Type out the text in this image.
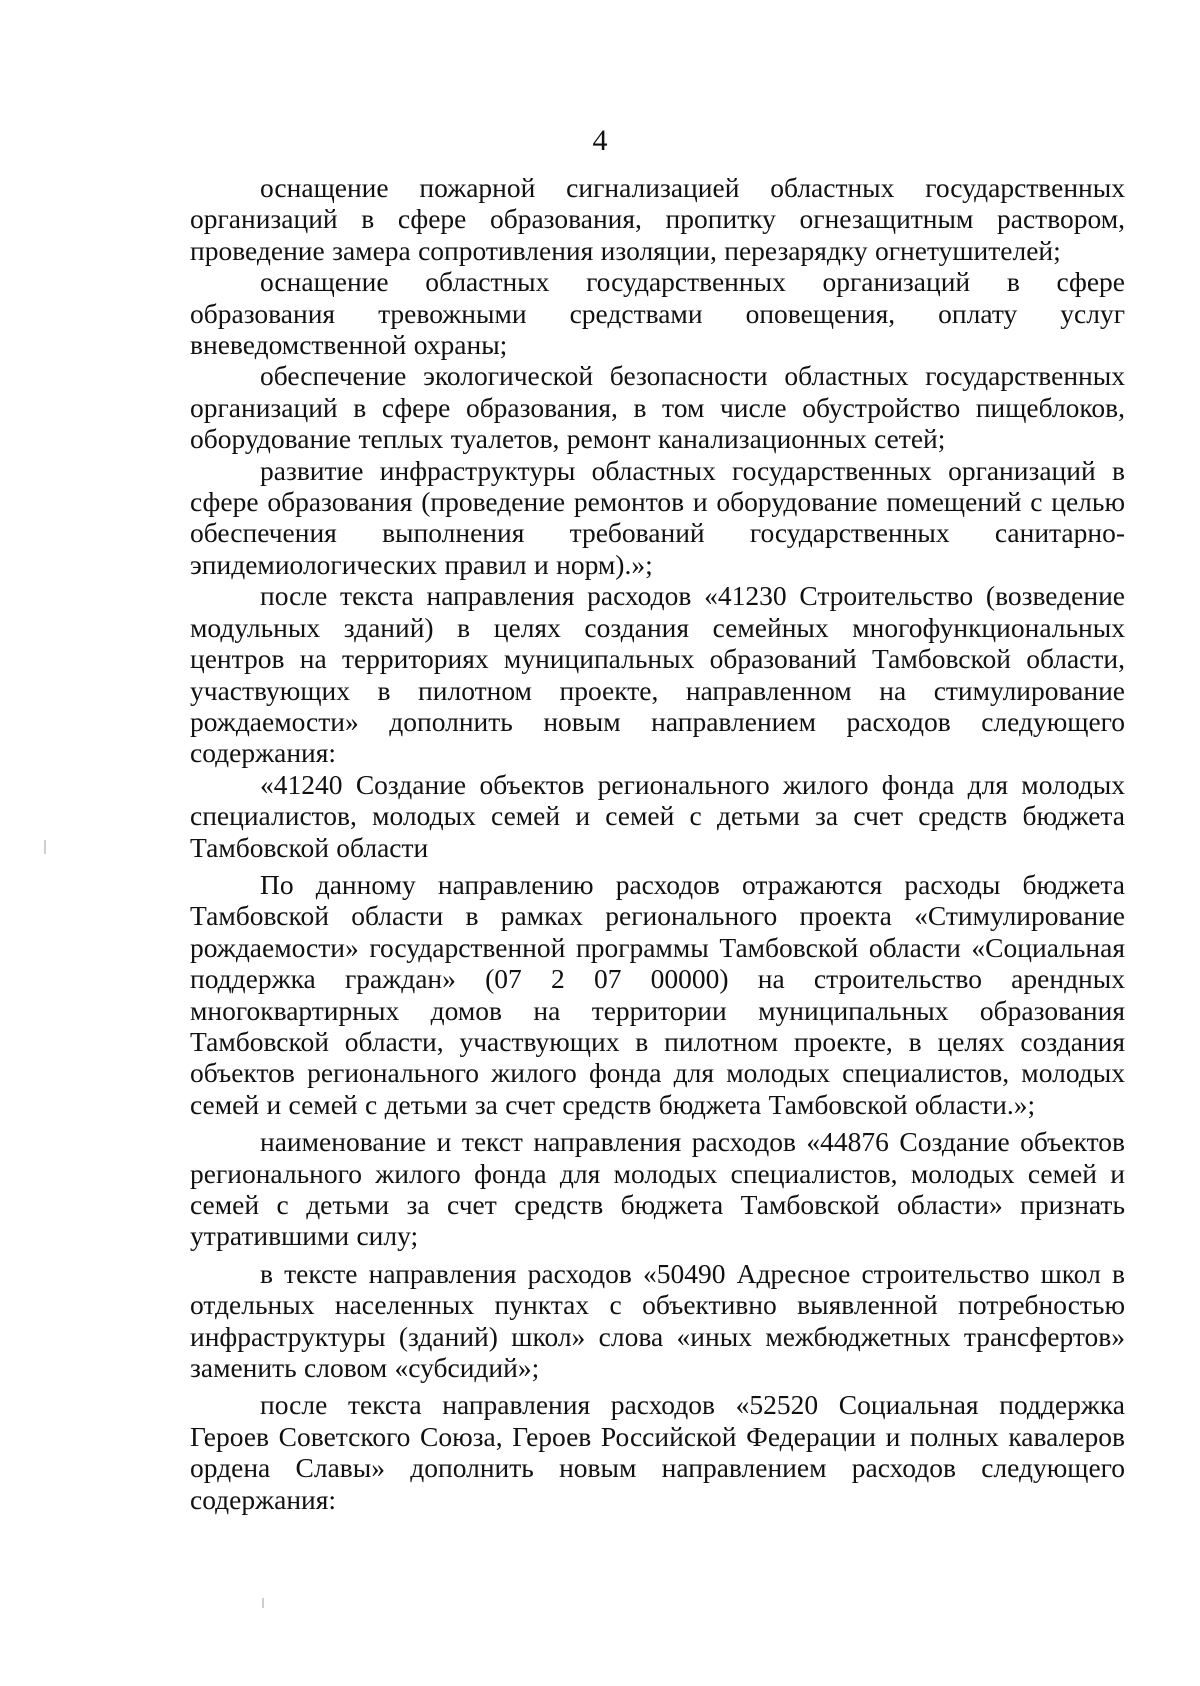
4

оснащение пожарной сигнализацией областных государственных организаций в сфере образования, пропитку огнезащитным раствором, проведение замера сопротивления изоляции, перезарядку огнетушителей;

оснащение областных государственных организаций в сфере образования тревожными средствами оповещения, оплату услуг вневедомственной охраны;

обеспечение экологической безопасности областных государственных организаций в сфере образования, в том числе обустройство пищеблоков, оборудование теплых туалетов, ремонт канализационных сетей;

развитие инфраструктуры областных государственных организаций в сфере образования (проведение ремонтов и оборудование помещений с целью обеспечения выполнения требований государственных санитарно-эпидемиологических правил и норм).»;

после текста направления расходов «41230 Строительство (возведение модульных зданий) в целях создания семейных многофункциональных центров на территориях муниципальных образований Тамбовской области, участвующих в пилотном проекте, направленном на стимулирование рождаемости» дополнить новым направлением расходов следующего содержания:

«41240 Создание объектов регионального жилого фонда для молодых специалистов, молодых семей и семей с детьми за счет средств бюджета Тамбовской области

По данному направлению расходов отражаются расходы бюджета Тамбовской области в рамках регионального проекта «Стимулирование рождаемости» государственной программы Тамбовской области «Социальная поддержка граждан» (07 2 07 00000) на строительство арендных многоквартирных домов на территории муниципальных образования Тамбовской области, участвующих в пилотном проекте, в целях создания объектов регионального жилого фонда для молодых специалистов, молодых семей и семей с детьми за счет средств бюджета Тамбовской области.»;

наименование и текст направления расходов «44876 Создание объектов регионального жилого фонда для молодых специалистов, молодых семей и семей с детьми за счет средств бюджета Тамбовской области» признать утратившими силу;

в тексте направления расходов «50490 Адресное строительство школ в отдельных населенных пунктах с объективно выявленной потребностью инфраструктуры (зданий) школ» слова «иных межбюджетных трансфертов» заменить словом «субсидий»;

после текста направления расходов «52520 Социальная поддержка Героев Советского Союза, Героев Российской Федерации и полных кавалеров ордена Славы» дополнить новым направлением расходов следующего содержания:
